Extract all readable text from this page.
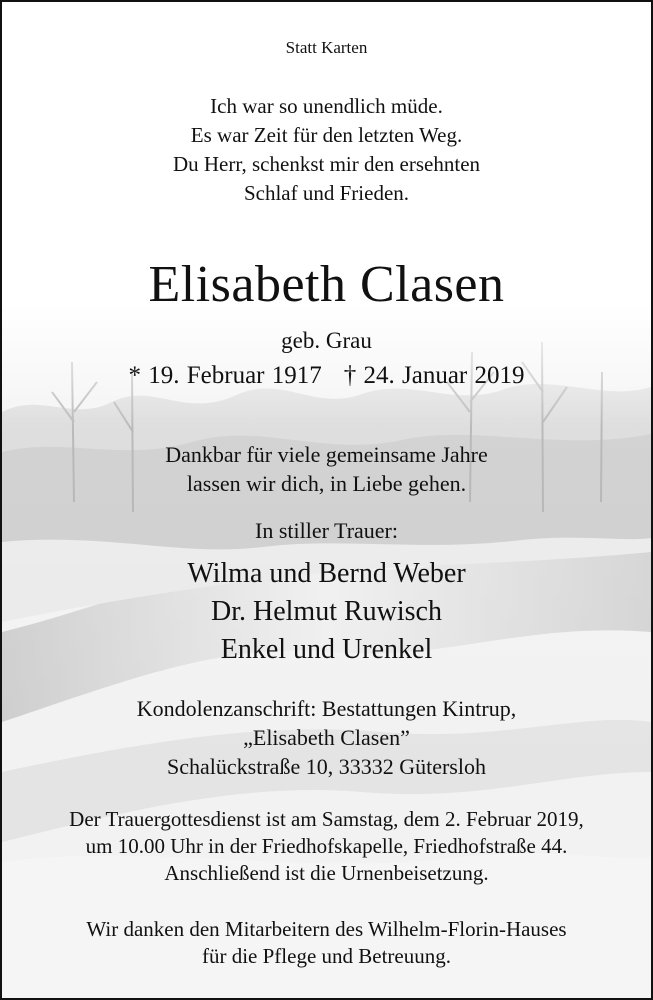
Statt Karten
Ich war so unendlich müde.
Es war Zeit für den letzten Weg.
Du Herr, schenkst mir den ersehnten
Schlaf und Frieden.
Elisabeth Clasen
geb. Grau
* 19. Februar 1917 † 24. Januar 2019
Dankbar für viele gemeinsame Jahre
lassen wir dich, in Liebe gehen.
In stiller Trauer:
Wilma und Bernd Weber
Dr. Helmut Ruwisch
Enkel und Urenkel
Kondolenzanschrift: Bestattungen Kintrup,
„Elisabeth Clasen”
Schalückstraße 10, 33332 Gütersloh
Der Trauergottesdienst ist am Samstag, dem 2. Februar 2019,
um 10.00 Uhr in der Friedhofskapelle, Friedhofstraße 44.
Anschließend ist die Urnenbeisetzung.
Wir danken den Mitarbeitern des Wilhelm-Florin-Hauses
für die Pflege und Betreuung.
